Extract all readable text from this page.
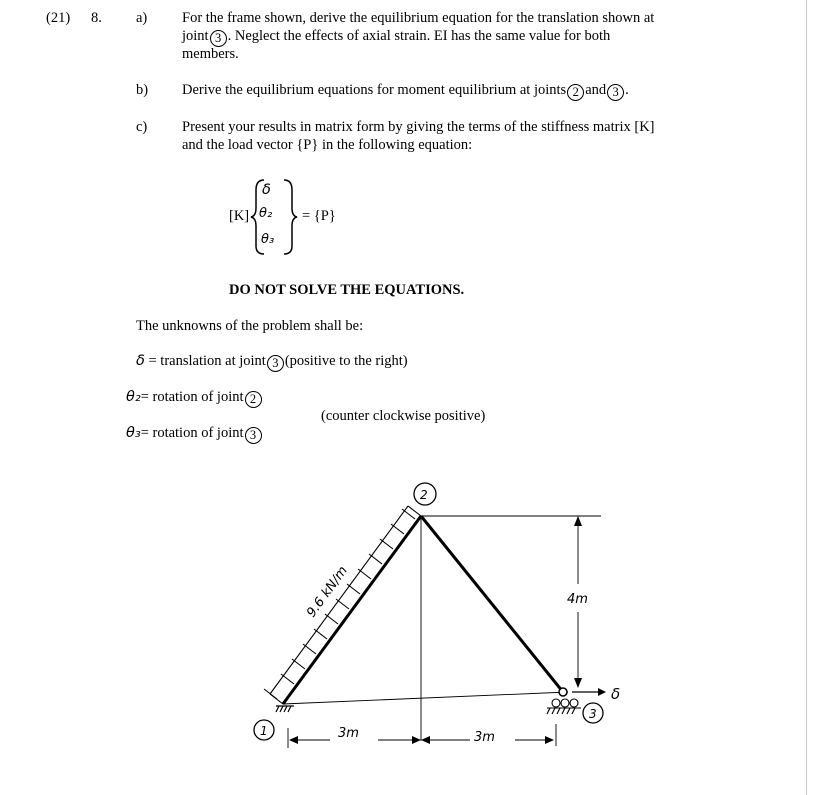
(21) 8. a) For the frame shown, derive the equilibrium equation for the translation shown at
joint 3 . Neglect the effects of axial strain. EI has the same value for both
members.
b) Derive the equilibrium equations for moment equilibrium at joints 2 and 3 .
c) Present your results in matrix form by giving the terms of the stiffness matrix [K]
and the load vector {P} in the following equation:
[K]
δ
θ₂
θ₃
= {P}
DO NOT SOLVE THE EQUATIONS.
The unknowns of the problem shall be:
δ = translation at joint 3 (positive to the right)
θ₂= rotation of joint 2
(counter clockwise positive)
θ₃= rotation of joint 3
2
9.6 kN/m
1
4m
3
δ
3m	3m
